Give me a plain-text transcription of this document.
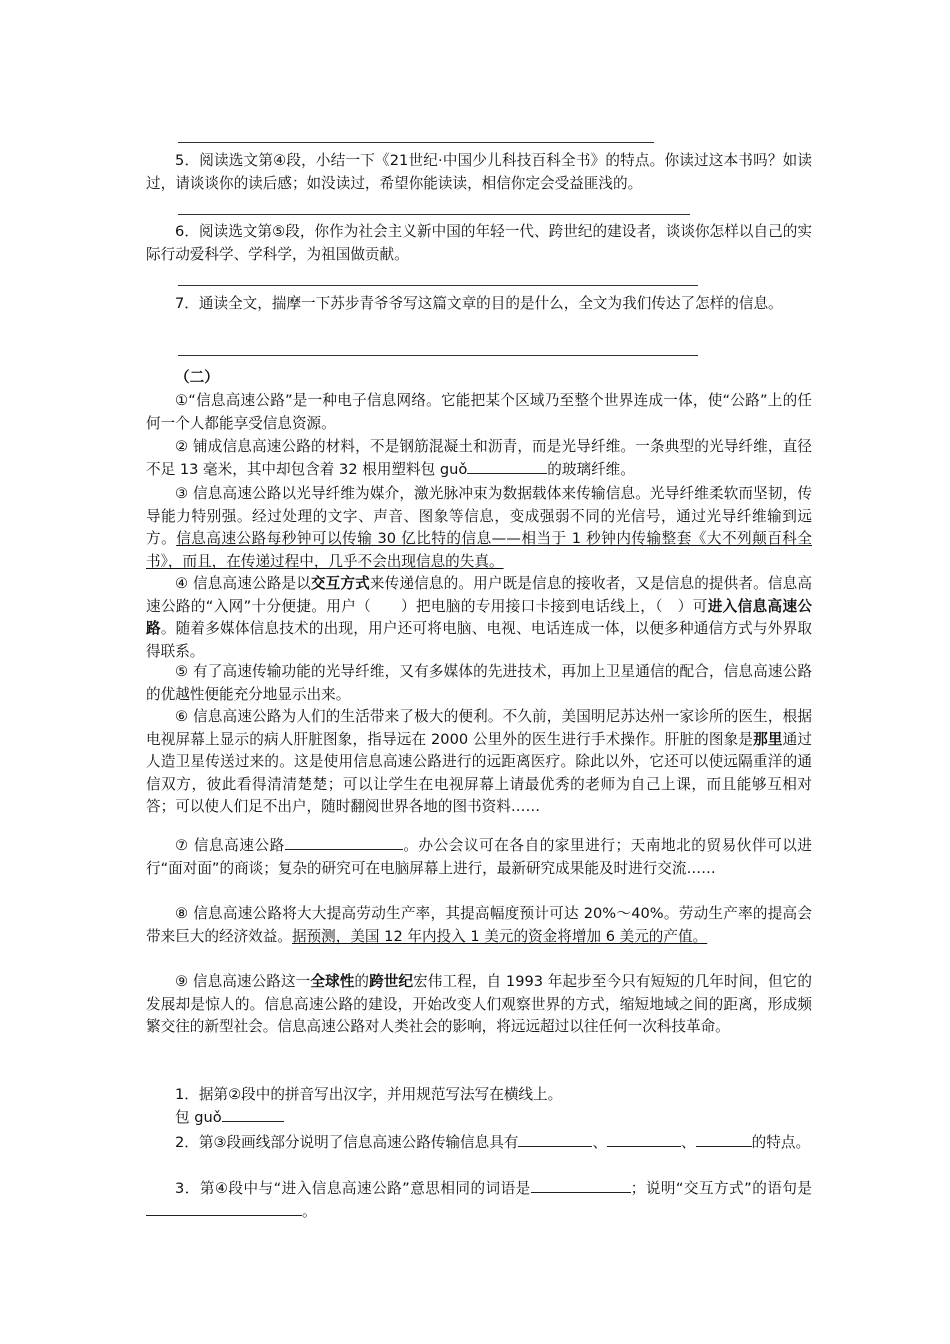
5．阅读选文第④段，小结一下《21世纪·中国少儿科技百科全书》的特点。你读过这本书吗？如读过，请谈谈你的读后感；如没读过，希望你能读读，相信你定会受益匪浅的。

6．阅读选文第⑤段，你作为社会主义新中国的年轻一代、跨世纪的建设者，谈谈你怎样以自己的实际行动爱科学、学科学，为祖国做贡献。

7．通读全文，揣摩一下苏步青爷爷写这篇文章的目的是什么，全文为我们传达了怎样的信息。

（二）

①“信息高速公路”是一种电子信息网络。它能把某个区域乃至整个世界连成一体，使“公路”上的任何一个人都能享受信息资源。

② 铺成信息高速公路的材料，不是钢筋混凝土和沥青，而是光导纤维。一条典型的光导纤维，直径不足 13 毫米，其中却包含着 32 根用塑料包 guǒ	的玻璃纤维。

③ 信息高速公路以光导纤维为媒介，激光脉冲束为数据载体来传输信息。光导纤维柔软而坚韧，传导能力特别强。经过处理的文字、声音、图象等信息，变成强弱不同的光信号，通过光导纤维输到远方。信息高速公路每秒钟可以传输 30 亿比特的信息——相当于 1 秒钟内传输整套《大不列颠百科全书》，而且，在传递过程中，几乎不会出现信息的失真。

④ 信息高速公路是以交互方式来传递信息的。用户既是信息的接收者，又是信息的提供者。信息高速公路的“入网”十分便捷。用户（　　）把电脑的专用接口卡接到电话线上，（　）可进入信息高速公路。随着多媒体信息技术的出现，用户还可将电脑、电视、电话连成一体，以便多种通信方式与外界取得联系。

⑤ 有了高速传输功能的光导纤维，又有多媒体的先进技术，再加上卫星通信的配合，信息高速公路的优越性便能充分地显示出来。

⑥ 信息高速公路为人们的生活带来了极大的便利。不久前，美国明尼苏达州一家诊所的医生，根据电视屏幕上显示的病人肝脏图象，指导远在 2000 公里外的医生进行手术操作。肝脏的图象是那里通过人造卫星传送过来的。这是使用信息高速公路进行的远距离医疗。除此以外，它还可以使远隔重洋的通信双方，彼此看得清清楚楚；可以让学生在电视屏幕上请最优秀的老师为自己上课，而且能够互相对答；可以使人们足不出户，随时翻阅世界各地的图书资料……

⑦ 信息高速公路	。办公会议可在各自的家里进行；天南地北的贸易伙伴可以进行“面对面”的商谈；复杂的研究可在电脑屏幕上进行，最新研究成果能及时进行交流……

⑧ 信息高速公路将大大提高劳动生产率，其提高幅度预计可达 20%～40%。劳动生产率的提高会带来巨大的经济效益。据预测，美国 12 年内投入 1 美元的资金将增加 6 美元的产值。

⑨ 信息高速公路这一全球性的跨世纪宏伟工程，自 1993 年起步至今只有短短的几年时间，但它的发展却是惊人的。信息高速公路的建设，开始改变人们观察世界的方式，缩短地域之间的距离，形成频繁交往的新型社会。信息高速公路对人类社会的影响，将远远超过以往任何一次科技革命。

1．据第②段中的拼音写出汉字，并用规范写法写在横线上。

包 guǒ

2．第③段画线部分说明了信息高速公路传输信息具有	、	、	的特点。

3．第④段中与“进入信息高速公路”意思相同的词语是	；说明“交互方式”的语句是。
